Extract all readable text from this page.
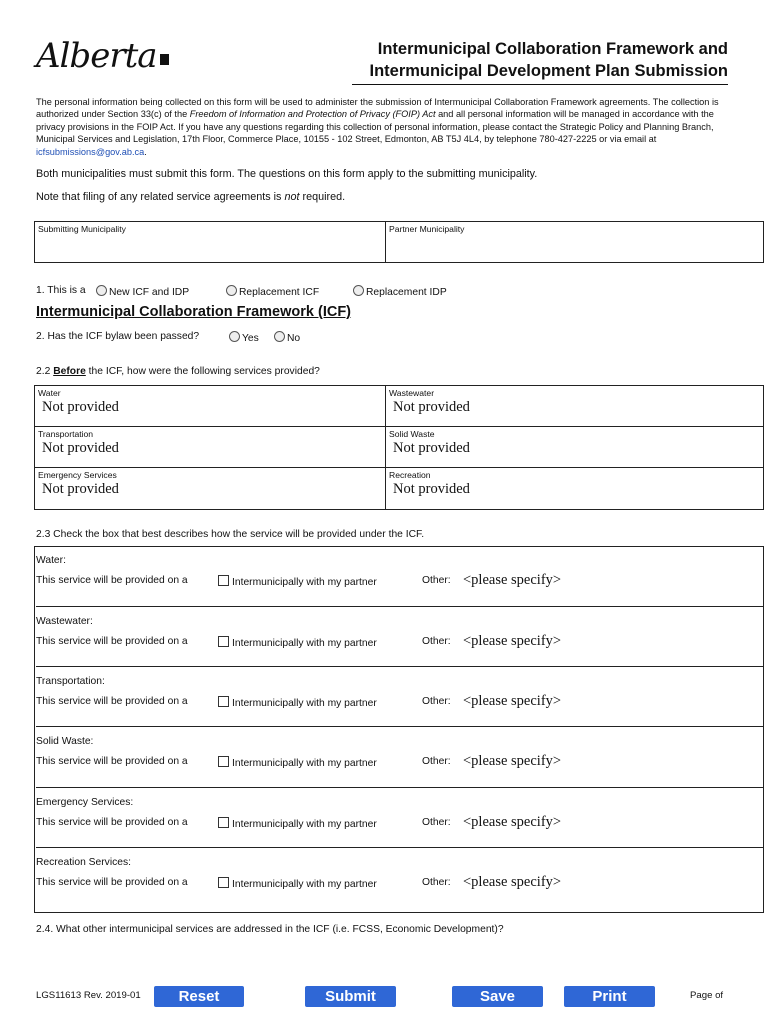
Alberta	Intermunicipal Collaboration Framework and
Intermunicipal Development Plan Submission
The personal information being collected on this form will be used to administer the submission of Intermunicipal Collaboration Framework agreements. The collection is authorized under Section 33(c) of the Freedom of Information and Protection of Privacy (FOIP) Act and all personal information will be managed in accordance with the privacy provisions in the FOIP Act. If you have any questions regarding this collection of personal information, please contact the Strategic Policy and Planning Branch, Municipal Services and Legislation, 17th Floor, Commerce Place, 10155 - 102 Street, Edmonton, AB T5J 4L4, by telephone 780-427-2225 or via email at icfsubmissions@gov.ab.ca.
Both municipalities must submit this form. The questions on this form apply to the submitting municipality.
Note that filing of any related service agreements is not required.
Submitting Municipality	Partner Municipality
1. This is a	New ICF and IDP	Replacement ICF	Replacement IDP
Intermunicipal Collaboration Framework (ICF)
2. Has the ICF bylaw been passed?	Yes	No
2.2 Before the ICF, how were the following services provided?
Water
Not provided
Wastewater
Not provided
Transportation
Not provided
Solid Waste
Not provided
Emergency Services
Not provided
Recreation
Not provided
2.3 Check the box that best describes how the service will be provided under the ICF.
Water:
This service will be provided on a	Intermunicipally with my partner	Other: <please specify>
Wastewater:
This service will be provided on a	Intermunicipally with my partner	Other: <please specify>
Transportation:
This service will be provided on a	Intermunicipally with my partner	Other: <please specify>
Solid Waste:
This service will be provided on a	Intermunicipally with my partner	Other: <please specify>
Emergency Services:
This service will be provided on a	Intermunicipally with my partner	Other: <please specify>
Recreation Services:
This service will be provided on a	Intermunicipally with my partner	Other: <please specify>
2.4. What other intermunicipal services are addressed in the ICF (i.e. FCSS, Economic Development)?
LGS11613 Rev. 2019-01	Reset	Submit	Save	Print	Page of
